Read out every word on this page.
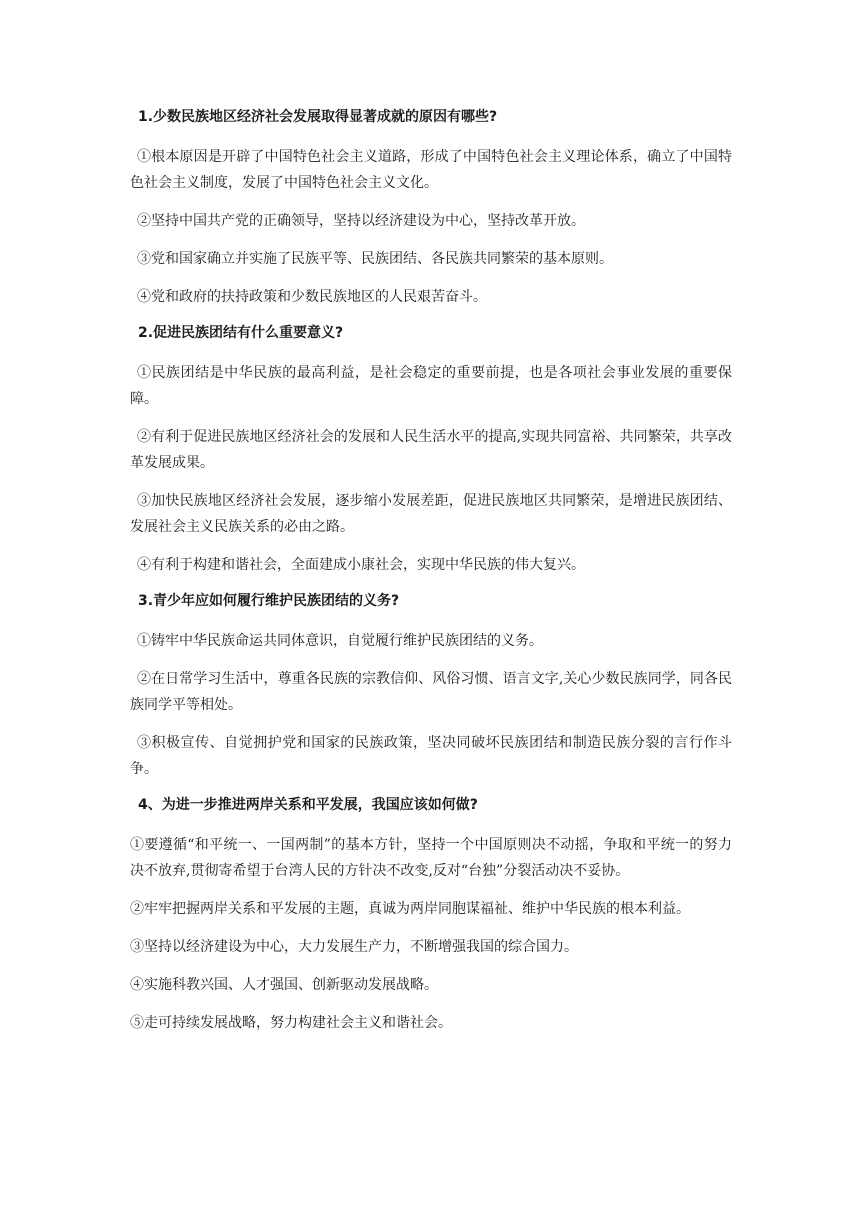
1.少数民族地区经济社会发展取得显著成就的原因有哪些?

①根本原因是开辟了中国特色社会主义道路，形成了中国特色社会主义理论体系，确立了中国特色社会主义制度，发展了中国特色社会主义文化。

②坚持中国共产党的正确领导，坚持以经济建设为中心，坚持改革开放。

③党和国家确立并实施了民族平等、民族团结、各民族共同繁荣的基本原则。

④党和政府的扶持政策和少数民族地区的人民艰苦奋斗。

2.促进民族团结有什么重要意义?

①民族团结是中华民族的最高利益，是社会稳定的重要前提，也是各项社会事业发展的重要保障。

②有利于促进民族地区经济社会的发展和人民生活水平的提高,实现共同富裕、共同繁荣，共享改革发展成果。

③加快民族地区经济社会发展，逐步缩小发展差距，促进民族地区共同繁荣，是增进民族团结、发展社会主义民族关系的必由之路。

④有利于构建和谐社会，全面建成小康社会，实现中华民族的伟大复兴。

3.青少年应如何履行维护民族团结的义务?

①铸牢中华民族命运共同体意识，自觉履行维护民族团结的义务。

②在日常学习生活中，尊重各民族的宗教信仰、风俗习惯、语言文字,关心少数民族同学，同各民族同学平等相处。

③积极宣传、自觉拥护党和国家的民族政策，坚决同破坏民族团结和制造民族分裂的言行作斗争。

4、为进一步推进两岸关系和平发展，我国应该如何做?

①要遵循“和平统一、一国两制”的基本方针，坚持一个中国原则决不动摇，争取和平统一的努力决不放弃,贯彻寄希望于台湾人民的方针决不改变,反对“台独”分裂活动决不妥协。

②牢牢把握两岸关系和平发展的主题，真诚为两岸同胞谋福祉、维护中华民族的根本利益。

③坚持以经济建设为中心，大力发展生产力，不断增强我国的综合国力。

④实施科教兴国、人才强国、创新驱动发展战略。

⑤走可持续发展战略，努力构建社会主义和谐社会。
